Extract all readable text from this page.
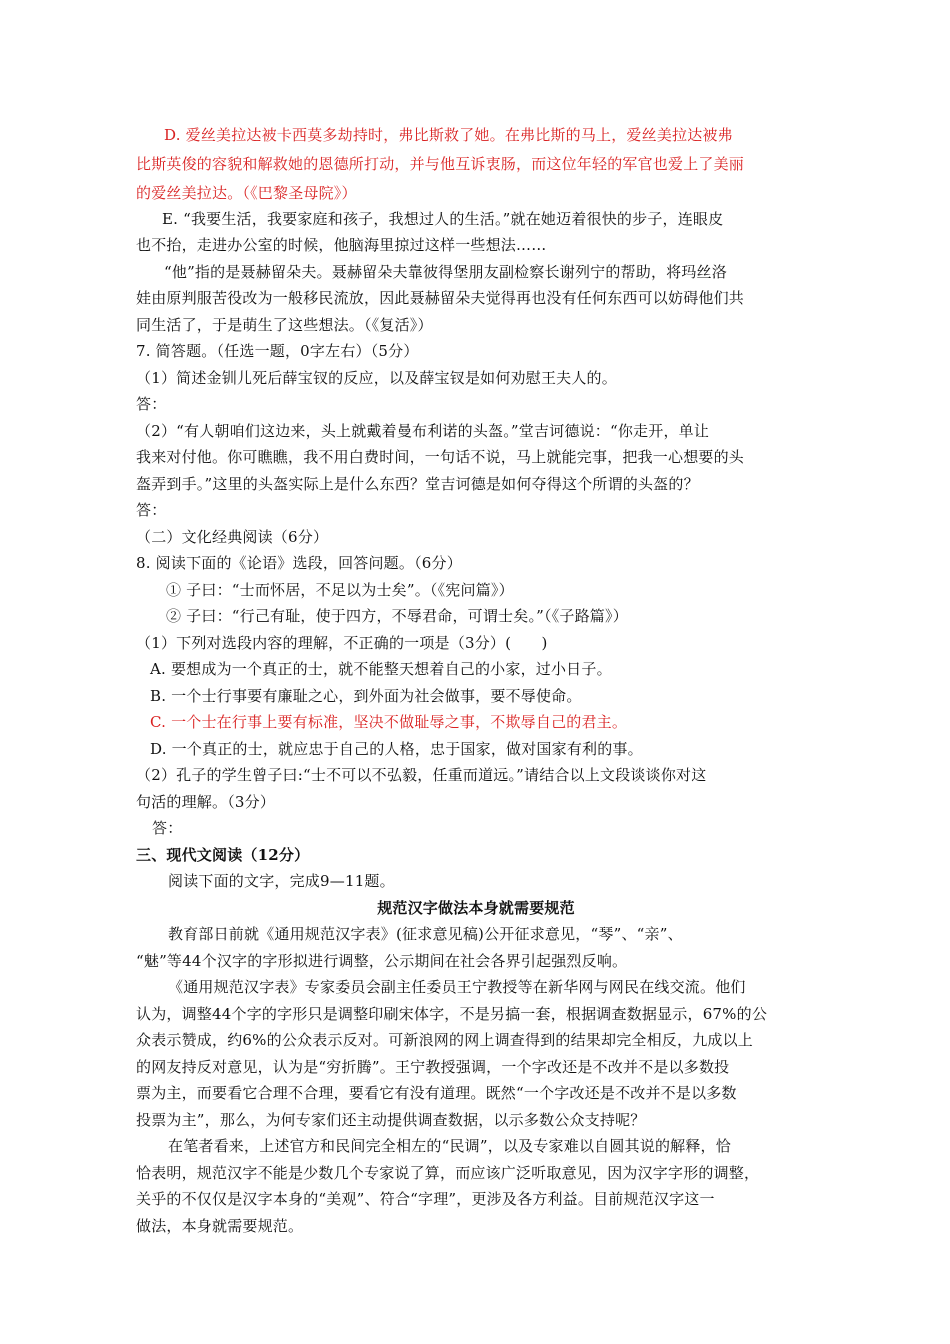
D. 爱丝美拉达被卡西莫多劫持时，弗比斯救了她。在弗比斯的马上，爱丝美拉达被弗
比斯英俊的容貌和解救她的恩德所打动，并与他互诉衷肠，而这位年轻的军官也爱上了美丽
的爱丝美拉达。（《巴黎圣母院》）
E. “我要生活，我要家庭和孩子，我想过人的生活。”就在她迈着很快的步子，连眼皮
也不抬，走进办公室的时候，他脑海里掠过这样一些想法……
“他”指的是聂赫留朵夫。聂赫留朵夫靠彼得堡朋友副检察长谢列宁的帮助，将玛丝洛
娃由原判服苦役改为一般移民流放，因此聂赫留朵夫觉得再也没有任何东西可以妨碍他们共
同生活了，于是萌生了这些想法。（《复活》）
7. 简答题。（任选一题，0字左右）（5分）
（1）简述金钏儿死后薛宝钗的反应，以及薛宝钗是如何劝慰王夫人的。
答：
（2）“有人朝咱们这边来，头上就戴着曼布利诺的头盔。”堂吉诃德说：“你走开，单让
我来对付他。你可瞧瞧，我不用白费时间，一句话不说，马上就能完事，把我一心想要的头
盔弄到手。”这里的头盔实际上是什么东西？堂吉诃德是如何夺得这个所谓的头盔的？
答：
（二）文化经典阅读（6分）
8. 阅读下面的《论语》选段，回答问题。（6分）
① 子曰：“士而怀居，不足以为士矣”。（《宪问篇》）
② 子曰：“行己有耻，使于四方，不辱君命，可谓士矣。”（《子路篇》）
（1）下列对选段内容的理解，不正确的一项是（3分）(　　)
A. 要想成为一个真正的士，就不能整天想着自己的小家，过小日子。
B. 一个士行事要有廉耻之心，到外面为社会做事，要不辱使命。
C. 一个士在行事上要有标准，坚决不做耻辱之事，不欺辱自己的君主。
D. 一个真正的士，就应忠于自己的人格，忠于国家，做对国家有利的事。
（2）孔子的学生曾子曰:“士不可以不弘毅，任重而道远。”请结合以上文段谈谈你对这
句活的理解。（3分）
答：
三、现代文阅读（12分）
阅读下面的文字，完成9—11题。
规范汉字做法本身就需要规范
教育部日前就《通用规范汉字表》(征求意见稿)公开征求意见，“琴”、“亲”、
“魅”等44个汉字的字形拟进行调整，公示期间在社会各界引起强烈反响。
《通用规范汉字表》专家委员会副主任委员王宁教授等在新华网与网民在线交流。他们
认为，调整44个字的字形只是调整印刷宋体字，不是另搞一套，根据调查数据显示，67%的公
众表示赞成，约6%的公众表示反对。可新浪网的网上调查得到的结果却完全相反，九成以上
的网友持反对意见，认为是“穷折腾”。王宁教授强调，一个字改还是不改并不是以多数投
票为主，而要看它合理不合理，要看它有没有道理。既然“一个字改还是不改并不是以多数
投票为主”，那么，为何专家们还主动提供调查数据，以示多数公众支持呢？
在笔者看来，上述官方和民间完全相左的“民调”，以及专家难以自圆其说的解释，恰
恰表明，规范汉字不能是少数几个专家说了算，而应该广泛听取意见，因为汉字字形的调整，
关乎的不仅仅是汉字本身的“美观”、符合“字理”，更涉及各方利益。目前规范汉字这一
做法，本身就需要规范。
